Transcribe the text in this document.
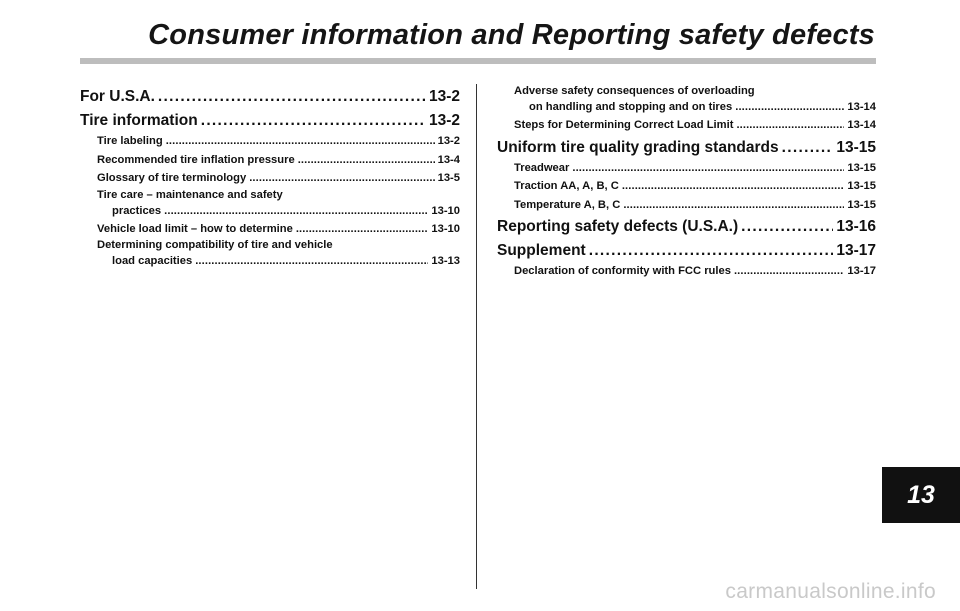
Consumer information and Reporting safety defects
For U.S.A. . . .	13-2
Tire information . . .	13-2
Tire labeling . . .	13-2
Recommended tire inflation pressure . . .	13-4
Glossary of tire terminology . . .	13-5
Tire care – maintenance and safety
practices . . .	13-10
Vehicle load limit – how to determine . . .	13-10
Determining compatibility of tire and vehicle
load capacities . . .	13-13
Adverse safety consequences of overloading
on handling and stopping and on tires . . .	13-14
Steps for Determining Correct Load Limit . . .	13-14
Uniform tire quality grading standards . . .	13-15
Treadwear . . .	13-15
Traction AA, A, B, C . . .	13-15
Temperature A, B, C . . .	13-15
Reporting safety defects (U.S.A.) . . .	13-16
Supplement . . .	13-17
Declaration of conformity with FCC rules . . .	13-17
13
carmanualsonline.info
